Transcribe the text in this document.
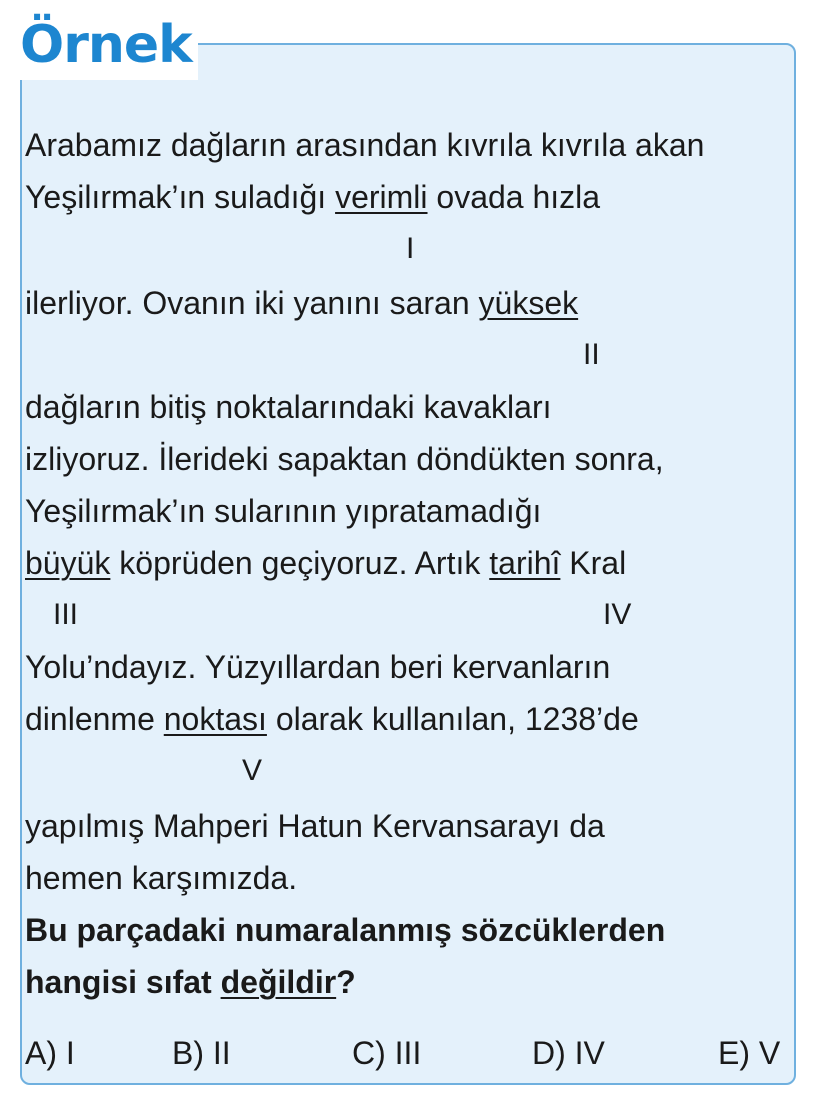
Örnek
Arabamız dağların arasından kıvrıla kıvrıla akan
Yeşilırmak’ın suladığı verimli ovada hızla
I
ilerliyor. Ovanın iki yanını saran yüksek
II
dağların bitiş noktalarındaki kavakları
izliyoruz. İlerideki sapaktan döndükten sonra,
Yeşilırmak’ın sularının yıpratamadığı
büyük köprüden geçiyoruz. Artık tarihî Kral
III	IV
Yolu’ndayız. Yüzyıllardan beri kervanların
dinlenme noktası olarak kullanılan, 1238’de
V
yapılmış Mahperi Hatun Kervansarayı da
hemen karşımızda.
Bu parçadaki numaralanmış sözcüklerden
hangisi sıfat değildir?
A) I	B) II	C) III	D) IV	E) V
